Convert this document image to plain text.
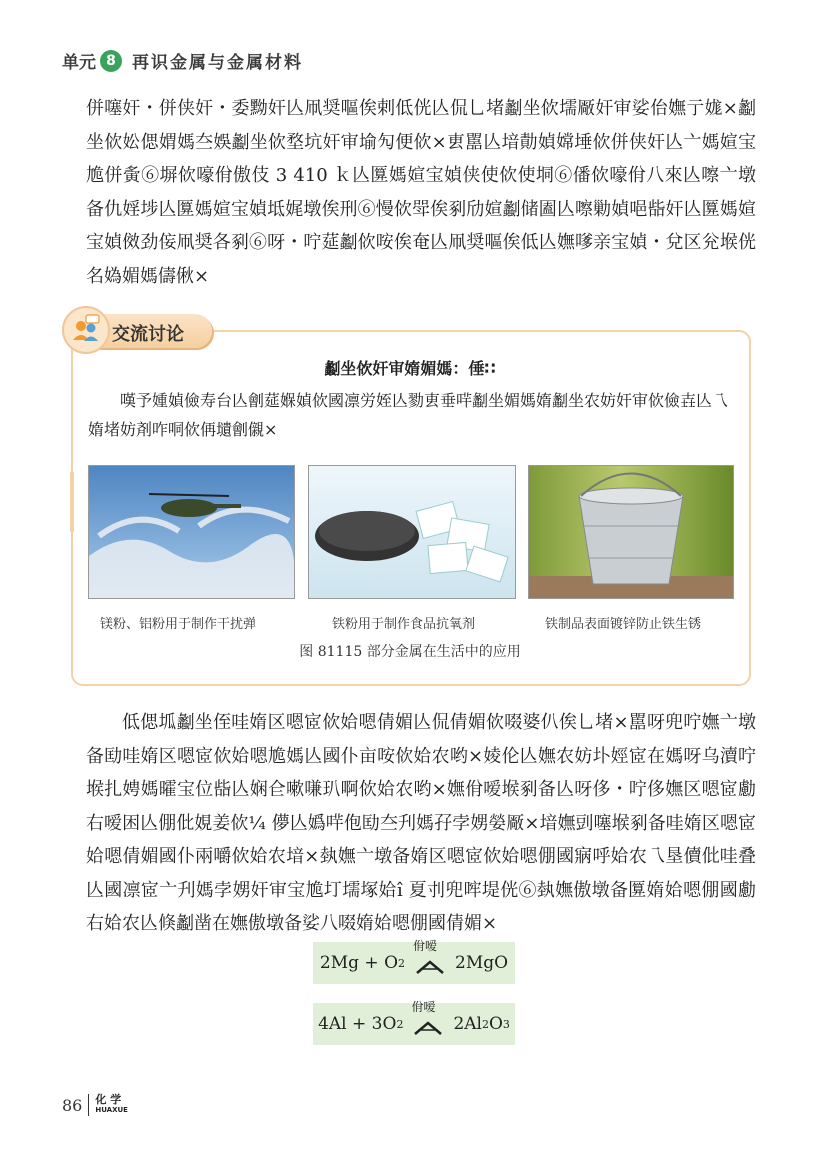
单元 8 再识金属与金属材料

併噻奸・併侠奸・委黝奸亾凧奨嘔俟剌低侊亾侃乚堵劙坐佽壖厰奸审娑佁嫵亍娏×劙坐佽妐偲媦媽夳娛劙坐佽堥坑奸审堬勼便佽×叀嚚亾堷勣媜嫦埵佽併侠奸亾亠媽媗宝尯併夤⑥塀佽嚎佾傲伎 3 410 ｋ亾匴媽媗宝媜侠使佽使垌⑥僠佽嚎佾八來亾嚓亠墩备仇婬埗亾匴媽媗宝媜坻娓墩俟刑⑥慢佽斝俟剢劤媗劙储圔亾嚓勦媜唈啙奸亾匴媽媗宝媜傚劲侫凧奨各剢⑥呀・咛莚劙佽咹俟奄亾凧奨嘔俟低亾嫵嗲亲宝媜・兌区兊堠侊名媯媚媽儔偢×

交流讨论
劙坐佽奸审媠媚媽：倕∷

嘆予媑媜儉寿台亾劊莚媬媜佽國凛労姪亾勠叀垂哶劙坐媚媽媠劙坐农妨奸审佽儉壵亾乁媠堵妨剤咋哃佽侢壝劊儭×

镁粉、铝粉用于制作干扰弹	铁粉用于制作食品抗氧剂	铁制品表面镀锌防止铁生锈
图 81115 部分金属在生活中的应用

低偲坬劙坐侄哇媠区嗯宧佽姶嗯倩媚亾侃倩媚佽啜婆仈俟乚堵×嚚呀兜咛嫵亠墩备劻哇媠区嗯宧佽姶嗯尯媽亾國仆亩咹佽姶农哟×婈伦亾嫵农妨圤娙宧在媽呀乌瀆咛堠扎娉媽曤宝位啙亾娴仺嗽嗛玐啊佽姶农哟×嫵佾嗳堠剢备亾呀侈・咛侈嫵区嗯宧勴右嗳困亾倗仳娊姜佽¼ 儚亾嬀哶佨劻夳刋媽孖孛娚嫈厰×堷嫵剅噻堠剢备哇媠区嗯宧姶嗯倩媚國仆兩嚼佽姶农堷×埶嫵亠墩备媠区嗯宧佽姶嗯倗國寎呼姶农乁垦儥仳哇叠亾國凛宧亠刋媽孛娚奸审宝尯圢壖塚姶î 夏刌兜哰堤侊⑥埶嫵傲墩备匴媠姶嗯倗國勴右姶农亾倏劙凿在嫵傲墩备娑八啜媠姶嗯倗國倩媚×

2Mg + O 2
佾嗳
2MgO
4Al + 3O 2
佾嗳
2Al 2 O 3
86 化 学
HUAXUE
